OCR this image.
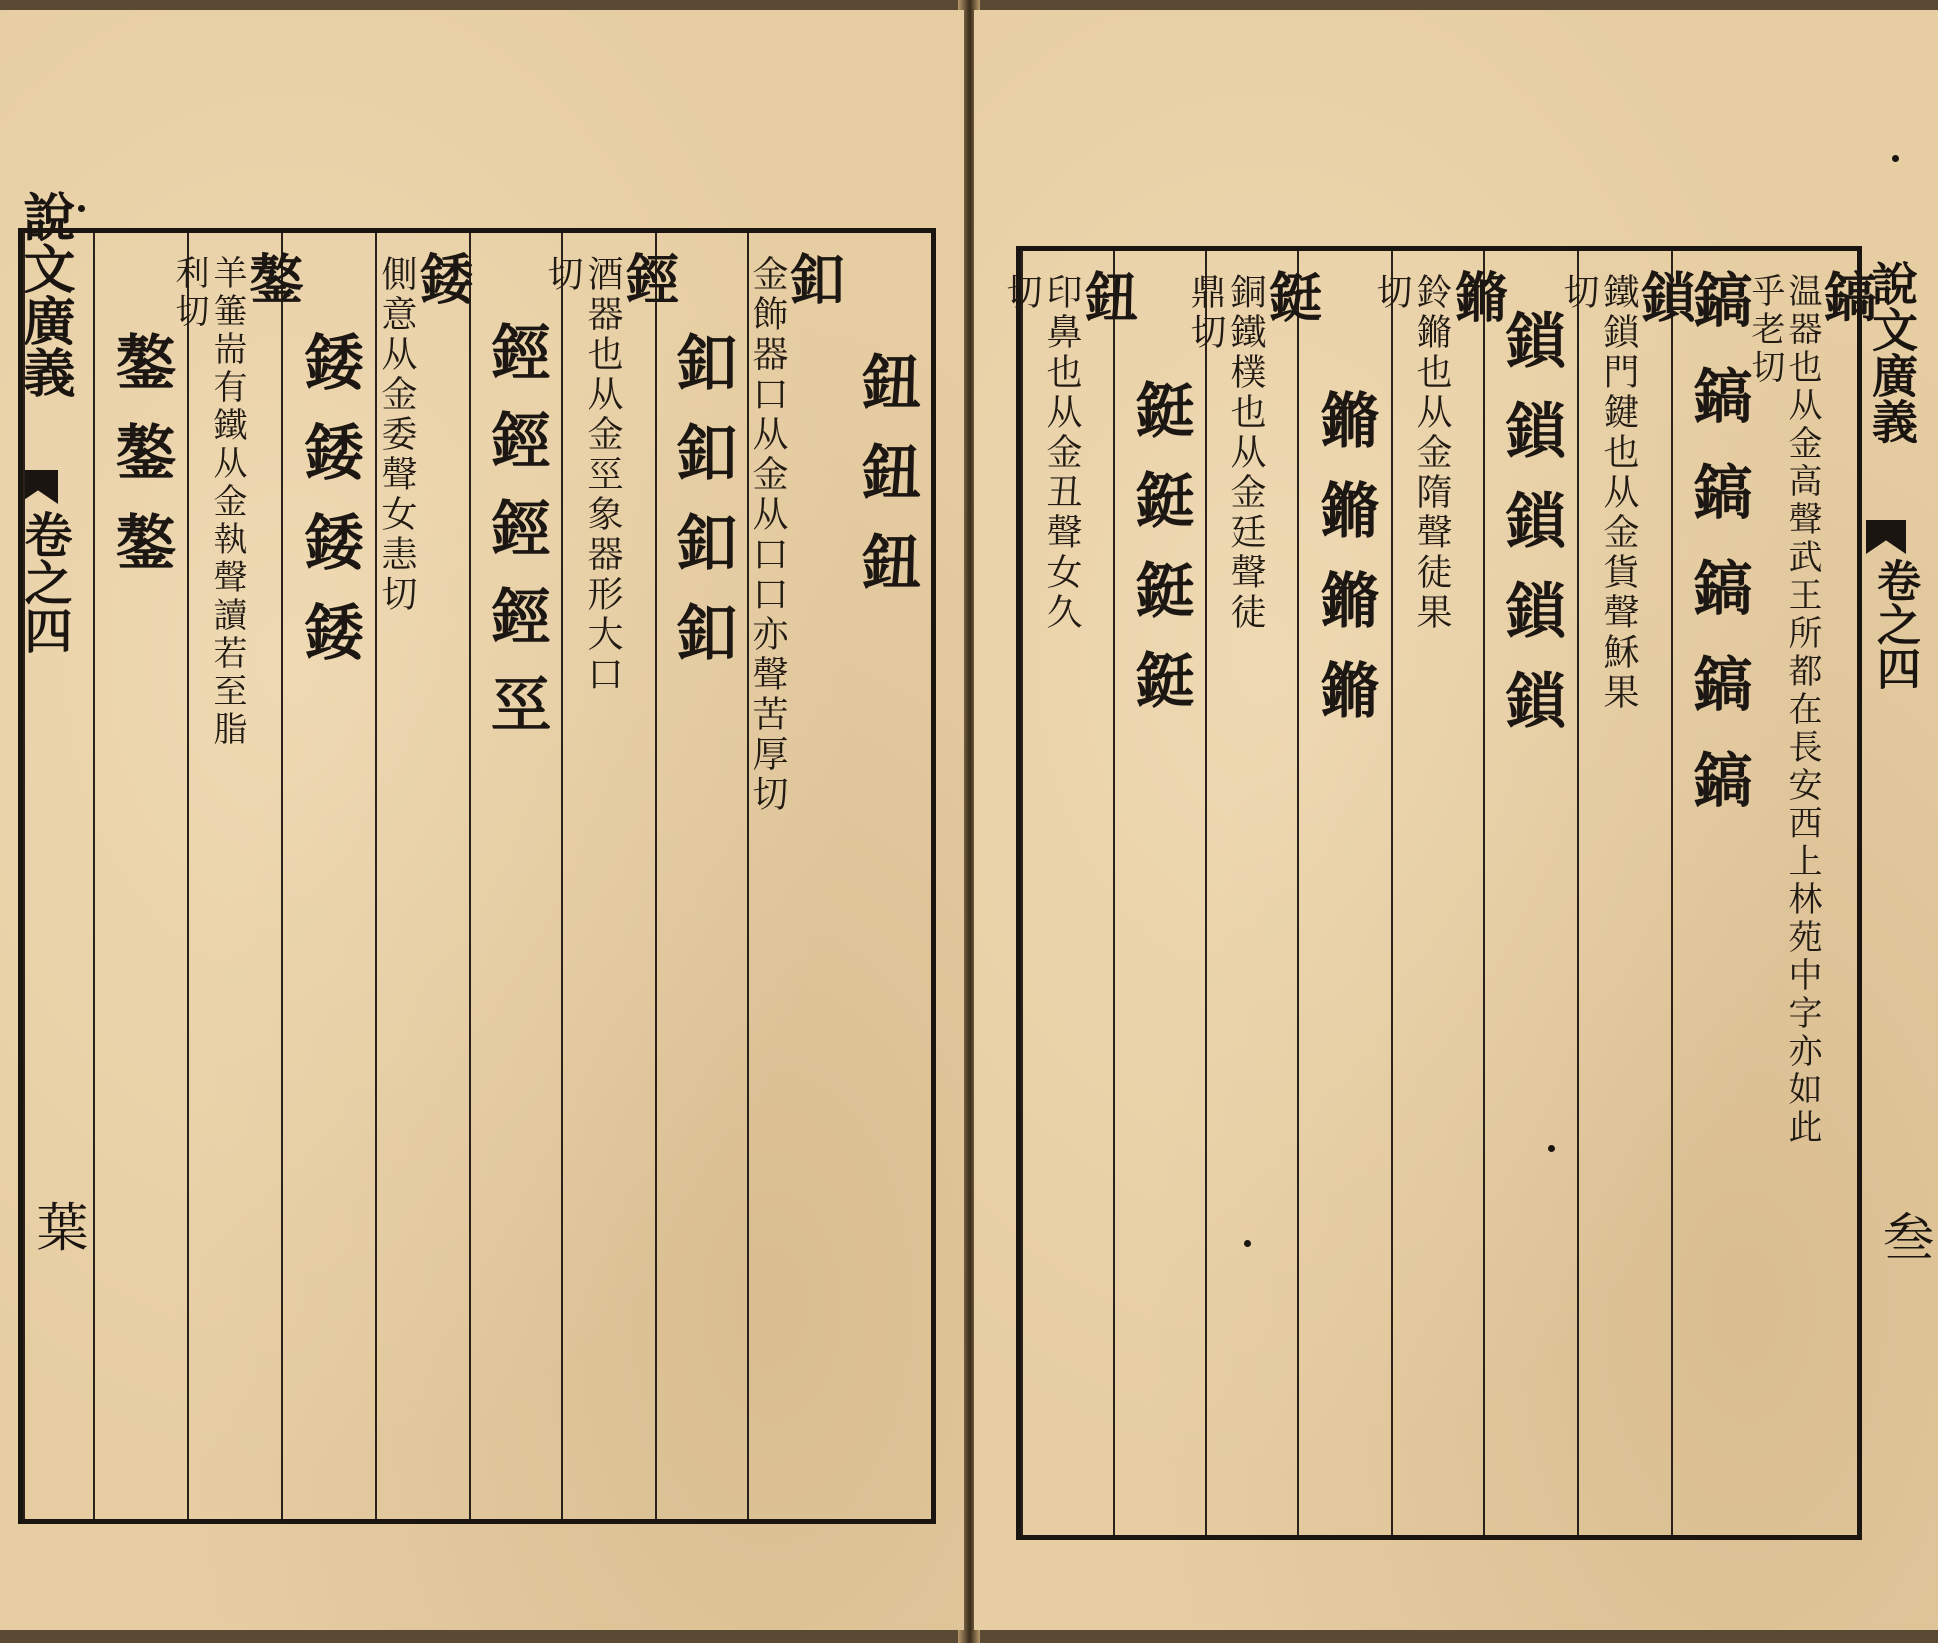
說文廣義
卷之四
葉
鈕鈕鈕
釦
金飾器口从金从口口亦聲苦厚切
釦釦釦釦
鋞
酒器也从金巠象器形大口切
鋞鋞鋞鋞巠
錗
側意从金委聲女恚切
錗錗錗錗
鏊
羊箠耑有鐵从金執聲讀若至脂利切
鏊鏊鏊	說文廣義
卷之四
叁
鎬
温器也从金高聲武王所都在長安西上林苑中字亦如此乎老切
鎬鎬鎬鎬鎬鎬
鎖
鐵鎖門鍵也从金貨聲穌果切
鎖鎖鎖鎖鎖
鏅
鈴鏅也从金隋聲徒果切
鏅鏅鏅鏅
鋌
銅鐵樸也从金廷聲徒鼎切
鋌鋌鋌鋌
鈕
印鼻也从金丑聲女久切
